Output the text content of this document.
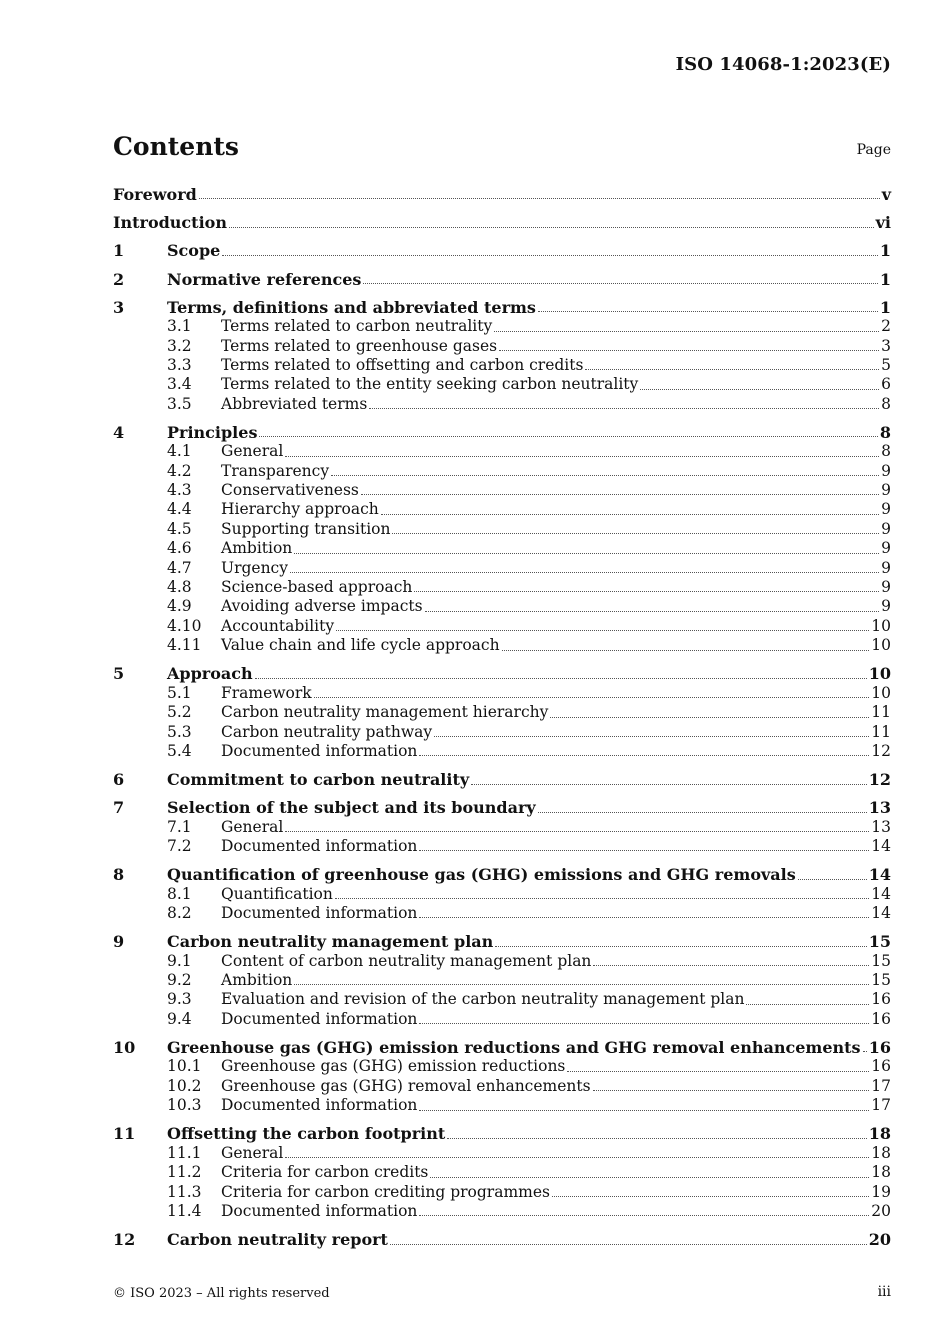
ISO 14068-1:2023(E)
Contents	Page
Foreword	v
Introduction	vi
1	Scope	1
2	Normative references	1
3	Terms, definitions and abbreviated terms	1
3.1	Terms related to carbon neutrality	2
3.2	Terms related to greenhouse gases	3
3.3	Terms related to offsetting and carbon credits	5
3.4	Terms related to the entity seeking carbon neutrality	6
3.5	Abbreviated terms	8
4	Principles	8
4.1	General	8
4.2	Transparency	9
4.3	Conservativeness	9
4.4	Hierarchy approach	9
4.5	Supporting transition	9
4.6	Ambition	9
4.7	Urgency	9
4.8	Science-based approach	9
4.9	Avoiding adverse impacts	9
4.10	Accountability	10
4.11	Value chain and life cycle approach	10
5	Approach	10
5.1	Framework	10
5.2	Carbon neutrality management hierarchy	11
5.3	Carbon neutrality pathway	11
5.4	Documented information	12
6	Commitment to carbon neutrality	12
7	Selection of the subject and its boundary	13
7.1	General	13
7.2	Documented information	14
8	Quantification of greenhouse gas (GHG) emissions and GHG removals	14
8.1	Quantification	14
8.2	Documented information	14
9	Carbon neutrality management plan	15
9.1	Content of carbon neutrality management plan	15
9.2	Ambition	15
9.3	Evaluation and revision of the carbon neutrality management plan	16
9.4	Documented information	16
10	Greenhouse gas (GHG) emission reductions and GHG removal enhancements 16
10.1	Greenhouse gas (GHG) emission reductions	16
10.2	Greenhouse gas (GHG) removal enhancements	17
10.3	Documented information	17
11	Offsetting the carbon footprint	18
11.1	General	18
11.2	Criteria for carbon credits	18
11.3	Criteria for carbon crediting programmes	19
11.4	Documented information	20
12	Carbon neutrality report	20
© ISO 2023 – All rights reserved	iii
